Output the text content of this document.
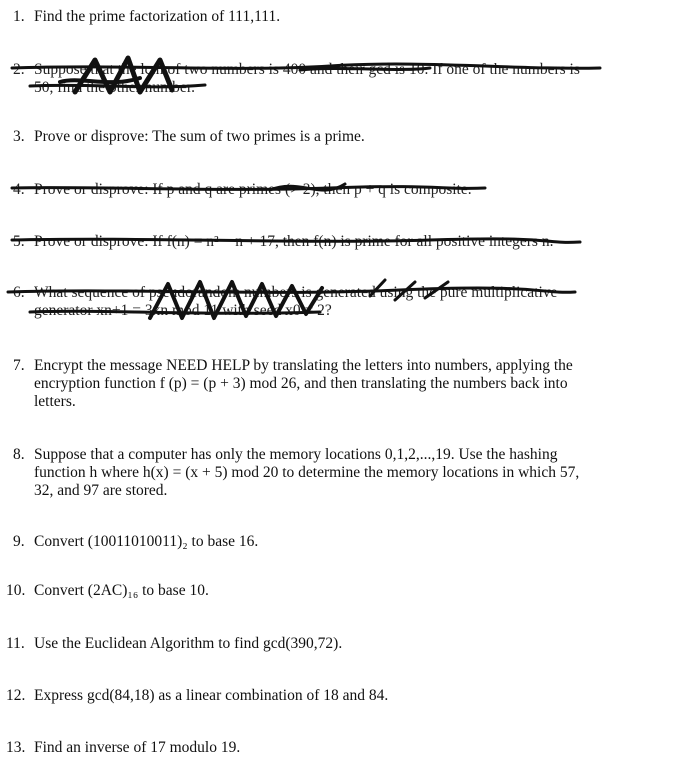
1. Find the prime factorization of 111,111.
2. Suppose that the lcm of two numbers is 400 and their gcd is 10. If one of the numbers is
50, find the other number.
3. Prove or disprove: The sum of two primes is a prime.
4. Prove or disprove: If p and q are primes (> 2), then p + q is composite.
5. Prove or disprove: If f(n) = n² − n + 17, then f(n) is prime for all positive integers n.
6. What sequence of pseudorandom numbers is generated using the pure multiplicative
generator xn+1 = 3xn mod 11 with seed x0 = 2?
7. Encrypt the message NEED HELP by translating the letters into numbers, applying the
encryption function f (p) = (p + 3) mod 26, and then translating the numbers back into
letters.
8. Suppose that a computer has only the memory locations 0,1,2,...,19. Use the hashing
function h where h(x) = (x + 5) mod 20 to determine the memory locations in which 57,
32, and 97 are stored.
9. Convert (10011010011)₂ to base 16.
10. Convert (2AC)₁₆ to base 10.
11. Use the Euclidean Algorithm to find gcd(390,72).
12. Express gcd(84,18) as a linear combination of 18 and 84.
13. Find an inverse of 17 modulo 19.
